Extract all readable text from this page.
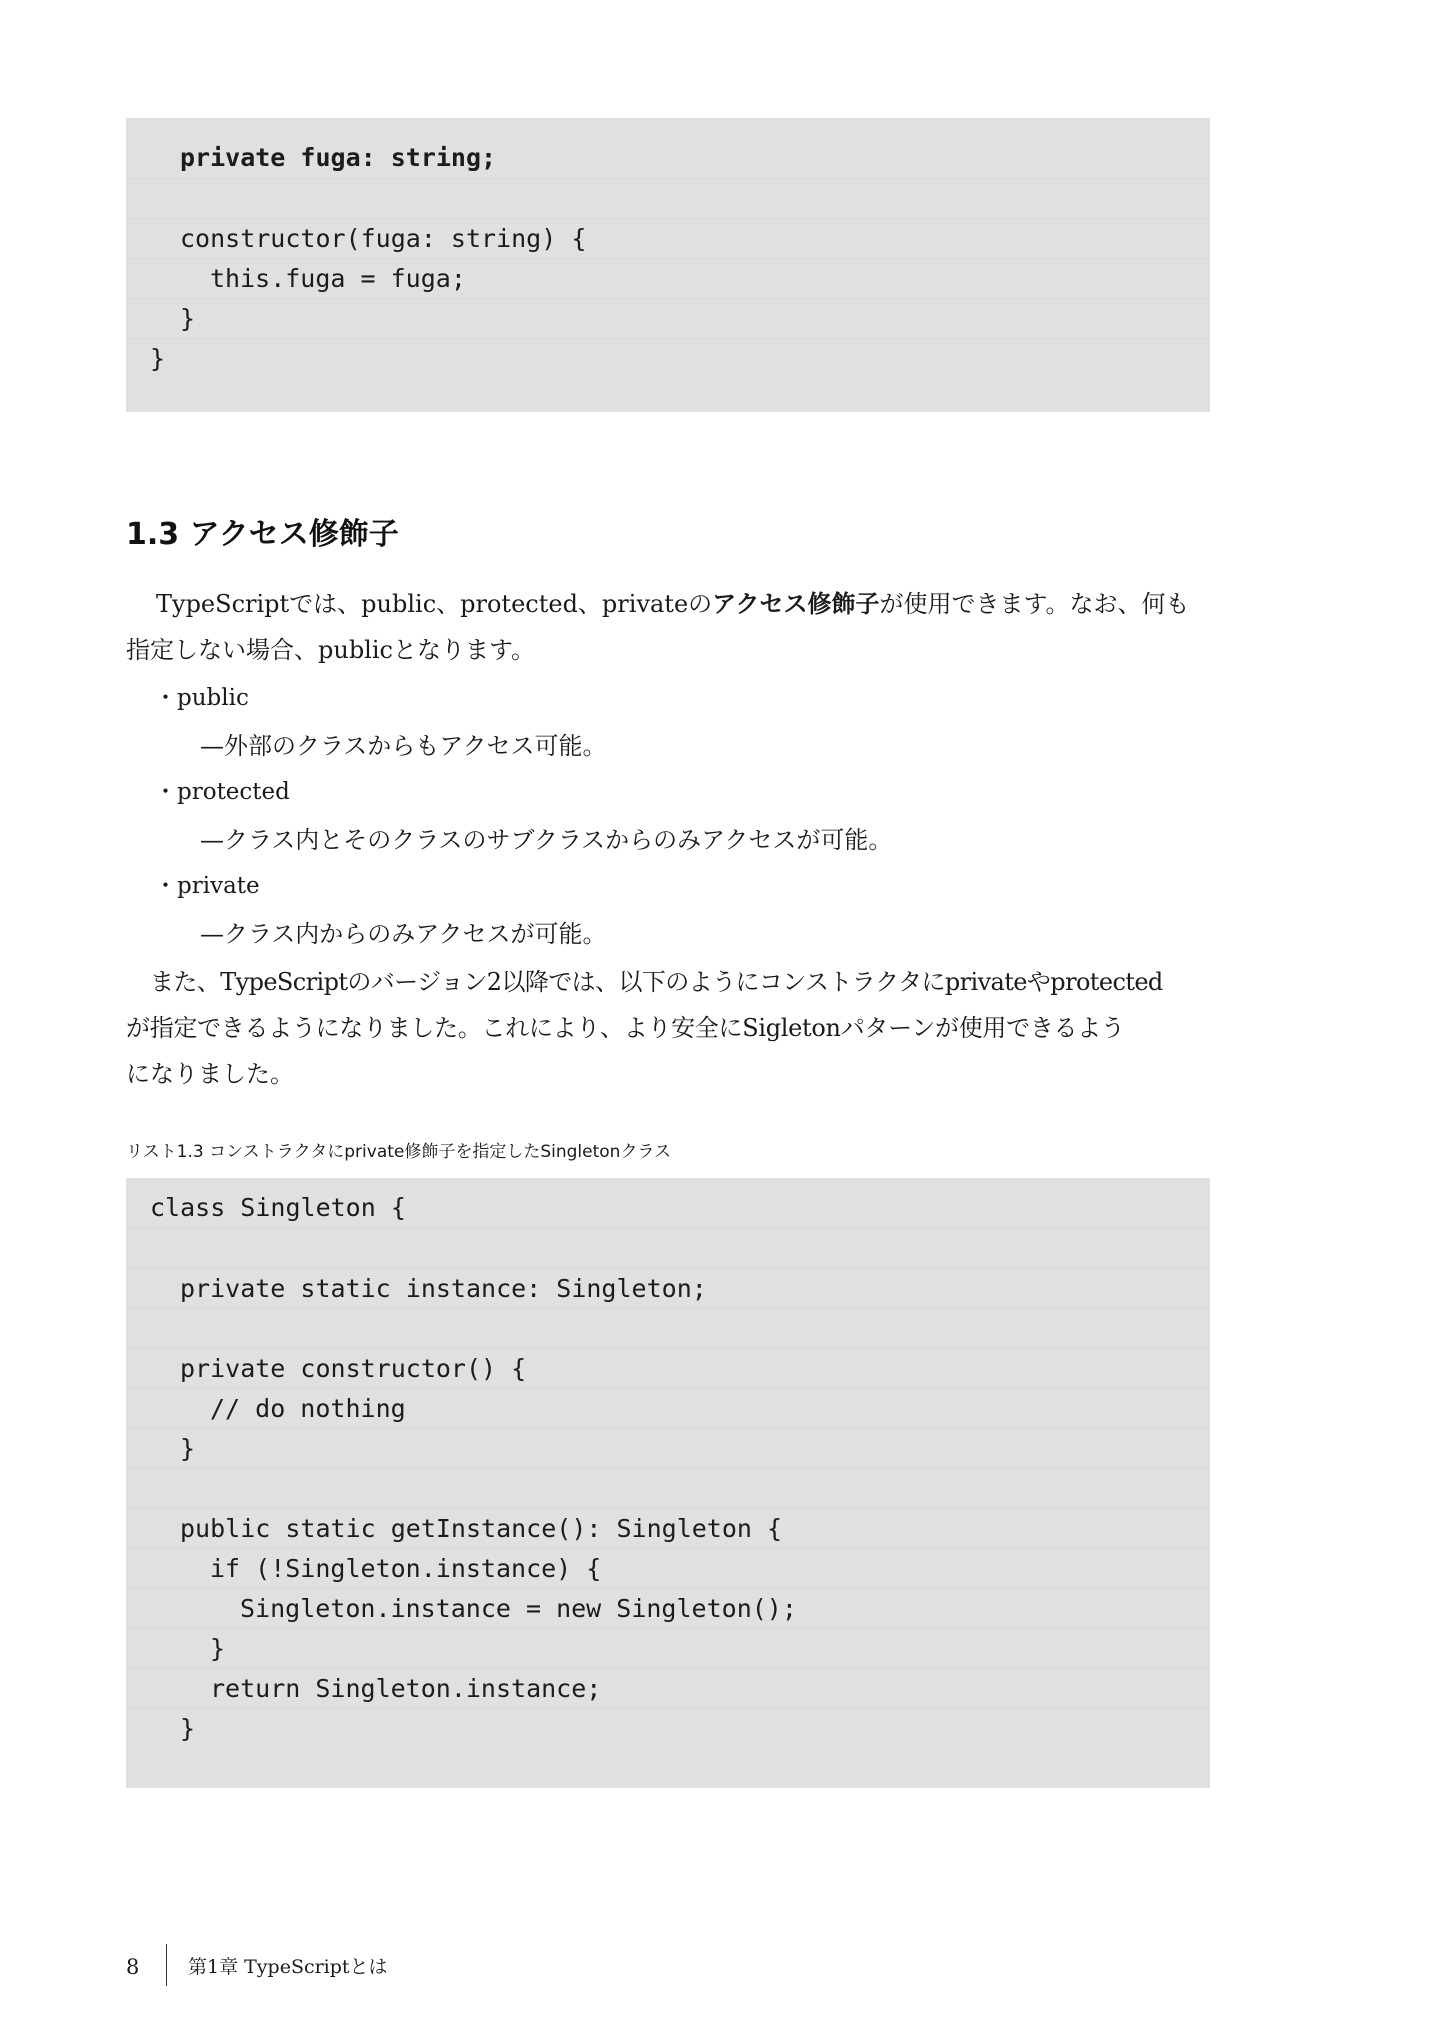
private fuga: string;
constructor(fuga: string) {
this.fuga = fuga;
}
}
1.3 アクセス修飾子

TypeScriptでは、public、protected、privateのアクセス修飾子が使用できます。なお、何も

指定しない場合、publicとなります。

・public

—外部のクラスからもアクセス可能。

・protected

—クラス内とそのクラスのサブクラスからのみアクセスが可能。

・private

—クラス内からのみアクセスが可能。

また、TypeScriptのバージョン2以降では、以下のようにコンストラクタにprivateやprotected

が指定できるようになりました。これにより、より安全にSigletonパターンが使用できるよう

になりました。

リスト1.3 コンストラクタにprivate修飾子を指定したSingletonクラス

class Singleton {
private static instance: Singleton;
private constructor() {
// do nothing
}
public static getInstance(): Singleton {
if (!Singleton.instance) {
Singleton.instance = new Singleton();
}
return Singleton.instance;
}
8	第1章 TypeScriptとは
